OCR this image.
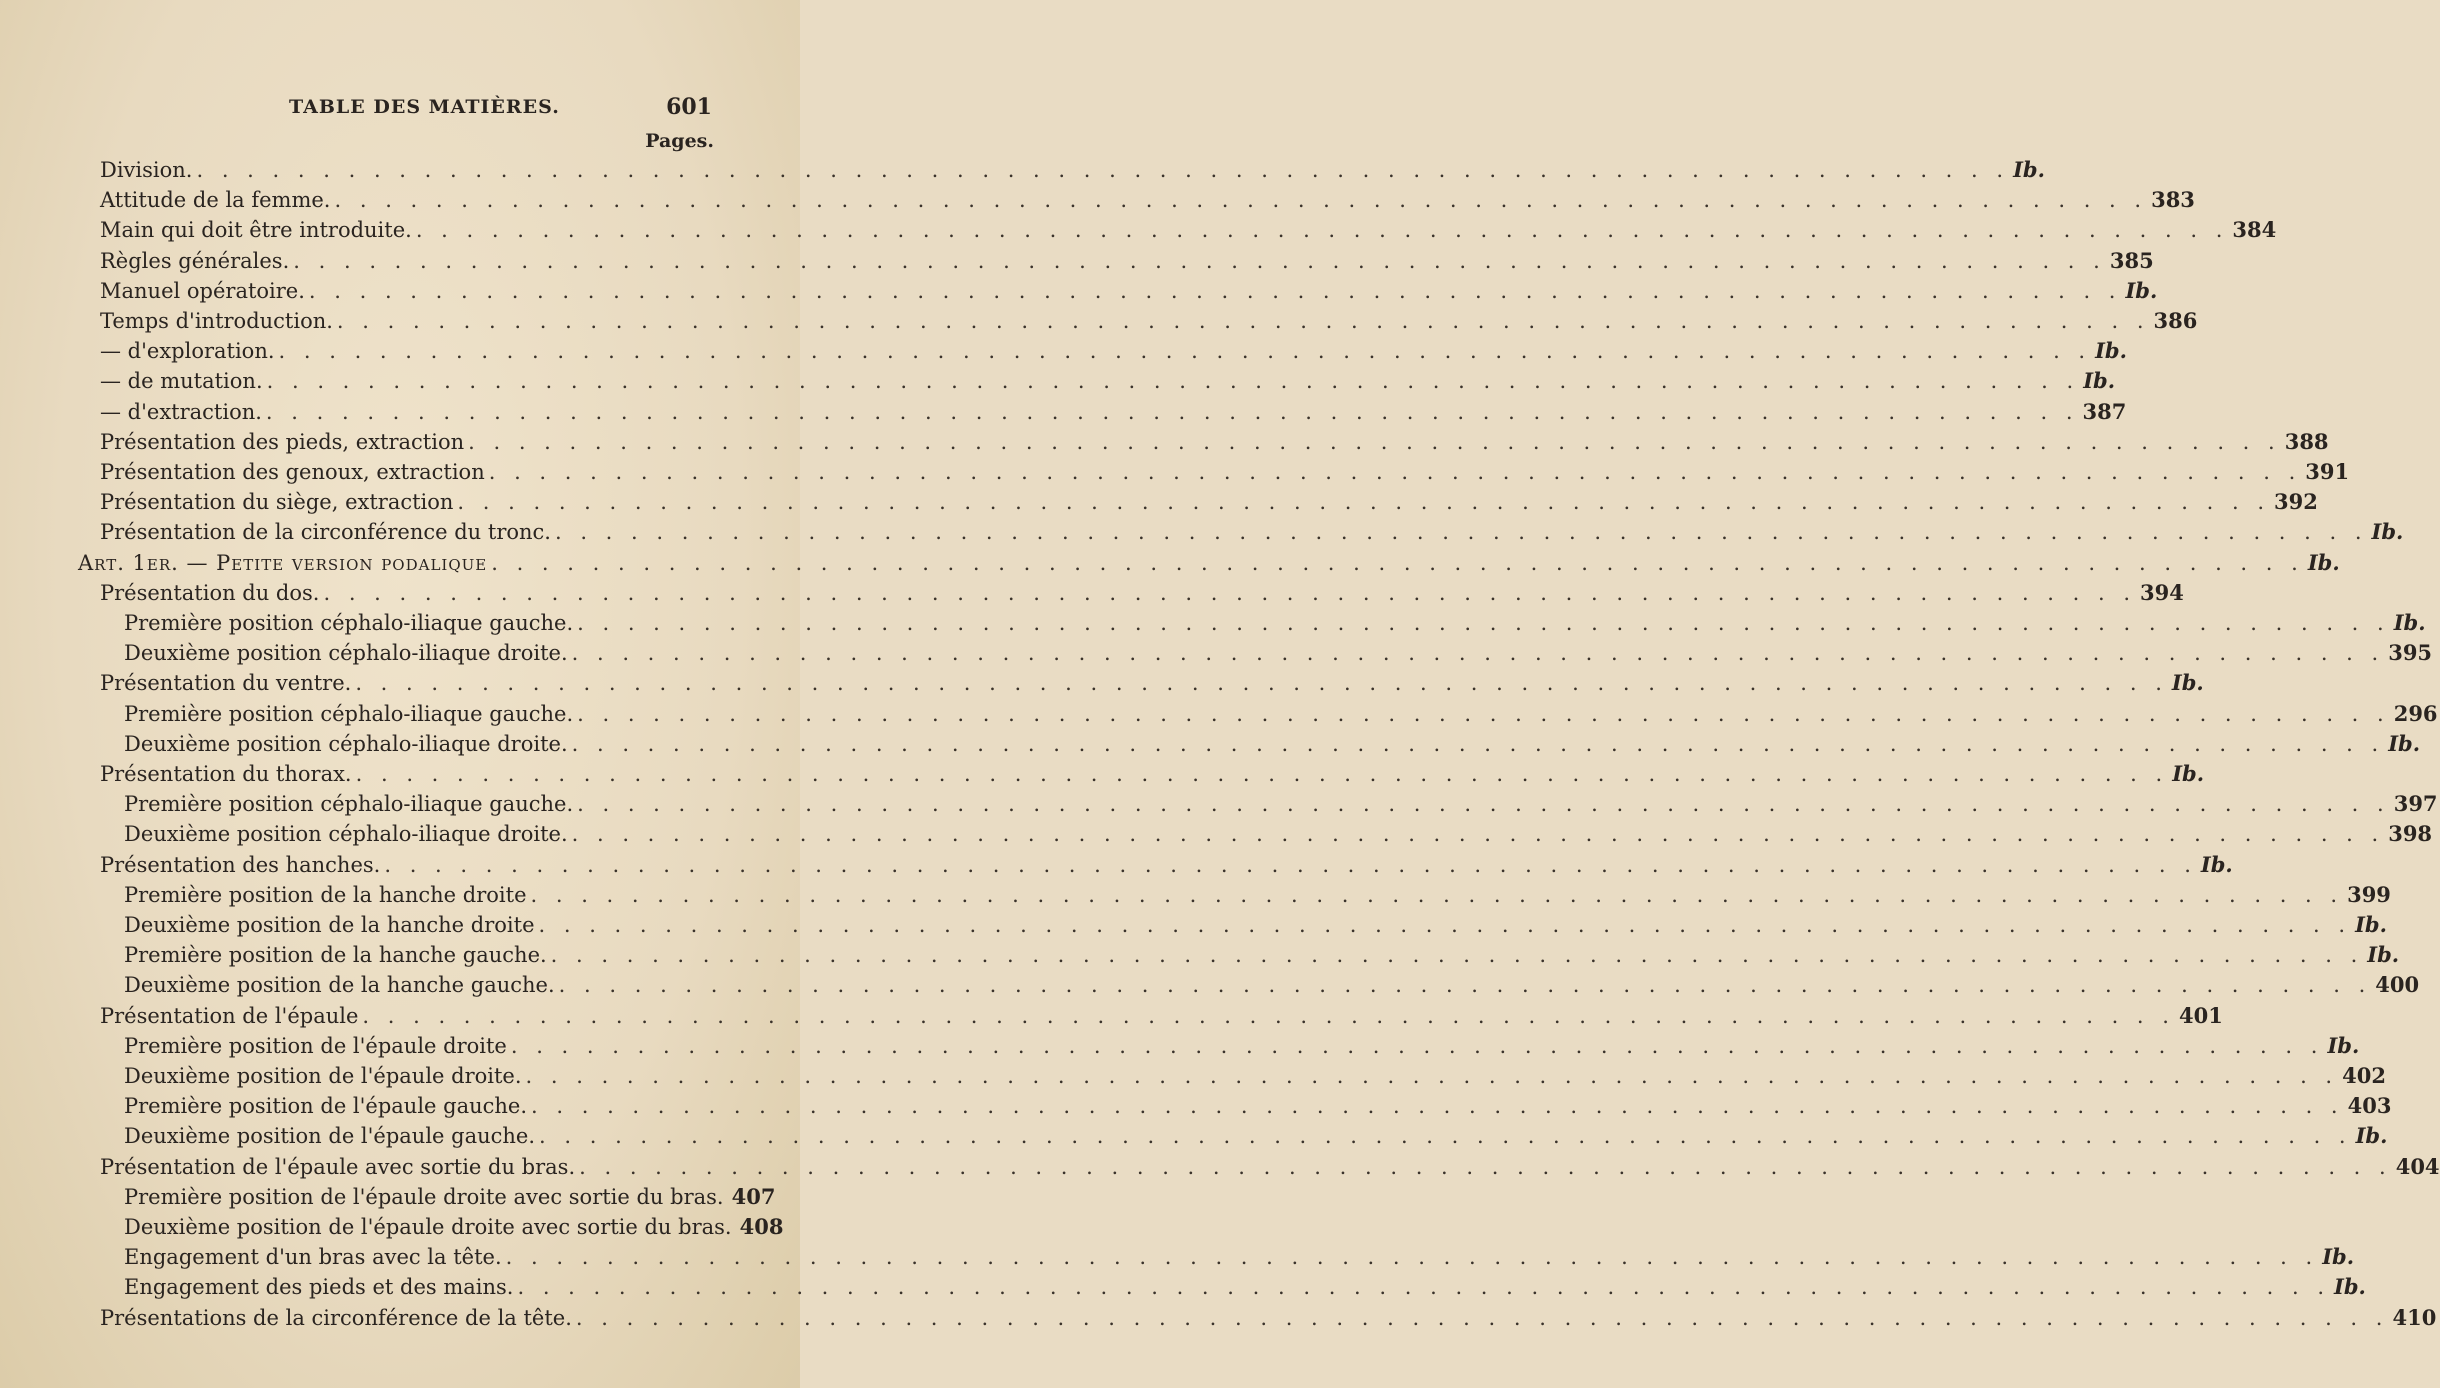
TABLE DES MATIÈRES.	601
Pages.
Division. . . .	Ib.
Attitude de la femme. . . .	383
Main qui doit être introduite. . . .	384
Règles générales. . . .	385
Manuel opératoire. . . .	Ib.
Temps d'introduction. . . .	386
— d'exploration. . . .	Ib.
— de mutation. . . .	Ib.
— d'extraction. . . .	387
Présentation des pieds, extraction . . .	388
Présentation des genoux, extraction . . .	391
Présentation du siège, extraction . . .	392
Présentation de la circonférence du tronc. . . .	Ib.
Art. 1er. — Petite version podalique . . .	Ib.
Présentation du dos. . . .	394
Première position céphalo-iliaque gauche. . . .	Ib.
Deuxième position céphalo-iliaque droite. . . .	395
Présentation du ventre. . . .	Ib.
Première position céphalo-iliaque gauche. . . .	296
Deuxième position céphalo-iliaque droite. . . .	Ib.
Présentation du thorax. . . .	Ib.
Première position céphalo-iliaque gauche. . . .	397
Deuxième position céphalo-iliaque droite. . . .	398
Présentation des hanches. . . .	Ib.
Première position de la hanche droite . . .	399
Deuxième position de la hanche droite . . .	Ib.
Première position de la hanche gauche. . . .	Ib.
Deuxième position de la hanche gauche. . . .	400
Présentation de l'épaule . . .	401
Première position de l'épaule droite . . .	Ib.
Deuxième position de l'épaule droite. . . .	402
Première position de l'épaule gauche. . . .	403
Deuxième position de l'épaule gauche. . . .	Ib.
Présentation de l'épaule avec sortie du bras. . . .	404
Première position de l'épaule droite avec sortie du bras. 407
Deuxième position de l'épaule droite avec sortie du bras. 408
Engagement d'un bras avec la tête. . . .	Ib.
Engagement des pieds et des mains. . . .	Ib.
Présentations de la circonférence de la tête. . . .	410
